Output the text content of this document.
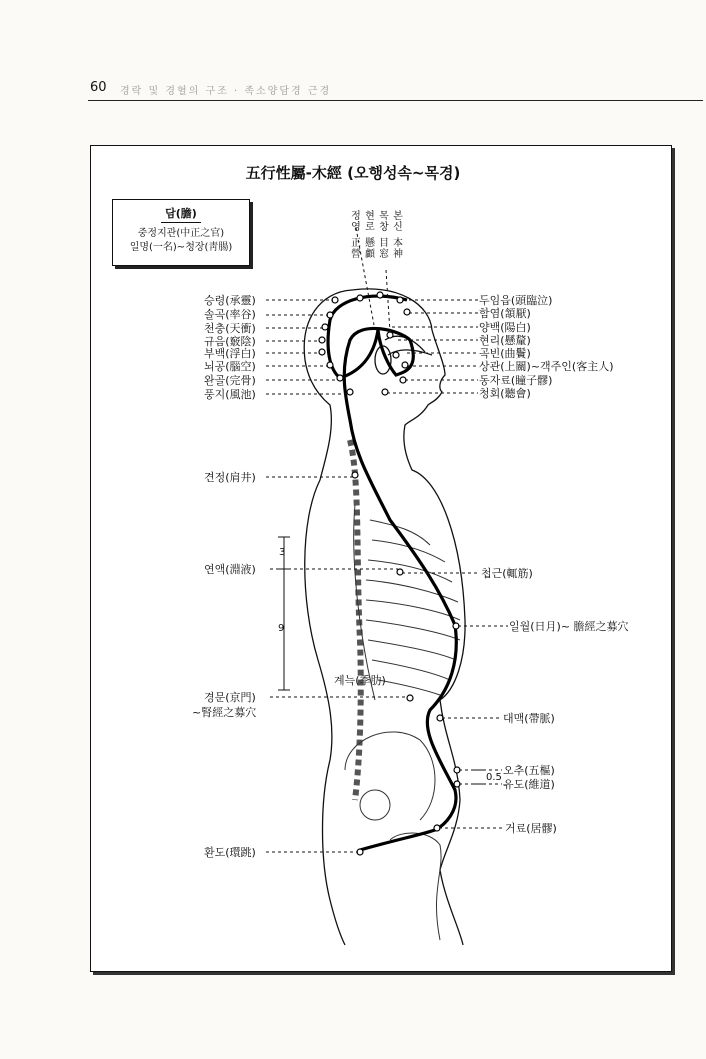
60 경락 및 경혈의 구조 · 족소양담경 근경
五行性屬-木經 (오행성속~목경)
담(膽)
중정지관(中正之官)
일명(一名)~청장(靑腸)
정영
正營
현로
懸顱
목창
目窓
본신
本神
승령(承靈)
솔곡(率谷)
천충(天衝)
규음(竅陰)
부백(浮白)
뇌공(腦空)
완골(完骨)
풍지(風池)
견정(肩井)
연액(淵液)
경문(京門)
~腎經之募穴
환도(環跳)
두임읍(頭臨泣)
함염(頷厭)
양백(陽白)
현리(懸釐)
곡빈(曲鬢)
상관(上關)~객주인(客主人)
동자료(瞳子髎)
청회(聽會)
첩근(輒筋)
일월(日月)~ 膽經之募穴
대맥(帶脈)
오추(五樞)
유도(維道)
거료(居髎)
계늑(季肋)
3
9
0.5
